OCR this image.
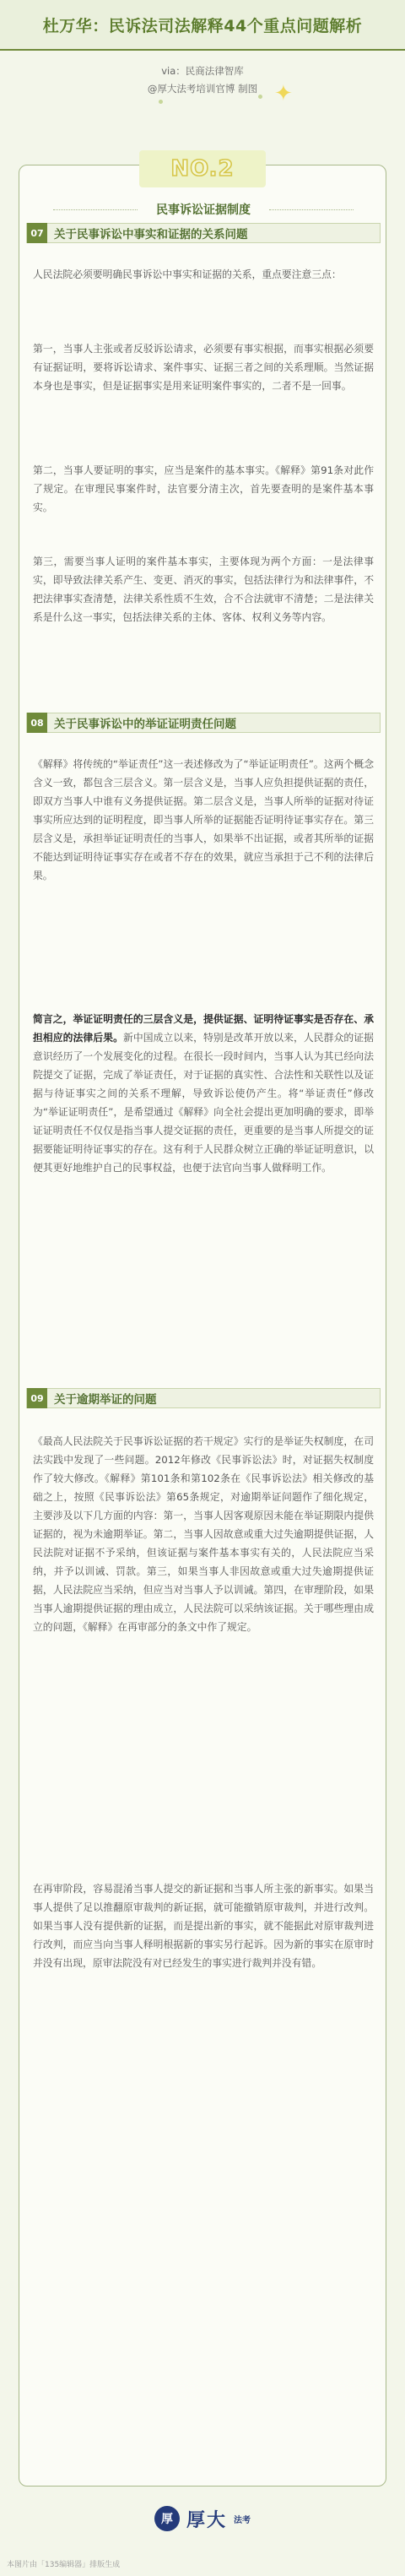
杜万华：民诉法司法解释44个重点问题解析
via：民商法律智库
@厚大法考培训官博 制图 ✦
NO.2
民事诉讼证据制度
07 关于民事诉讼中事实和证据的关系问题
人民法院必须要明确民事诉讼中事实和证据的关系，重点要注意三点：
第一，当事人主张或者反驳诉讼请求，必须要有事实根据，而事实根据必须要有证据证明，要将诉讼请求、案件事实、证据三者之间的关系理顺。当然证据本身也是事实，但是证据事实是用来证明案件事实的，二者不是一回事。
第二，当事人要证明的事实，应当是案件的基本事实。《解释》第91条对此作了规定。在审理民事案件时，法官要分清主次，首先要查明的是案件基本事实。
第三，需要当事人证明的案件基本事实，主要体现为两个方面：一是法律事实，即导致法律关系产生、变更、消灭的事实，包括法律行为和法律事件，不把法律事实查清楚，法律关系性质不生效，合不合法就审不清楚；二是法律关系是什么这一事实，包括法律关系的主体、客体、权利义务等内容。
08 关于民事诉讼中的举证证明责任问题
《解释》将传统的“举证责任”这一表述修改为了“举证证明责任”。这两个概念含义一致，都包含三层含义。第一层含义是，当事人应负担提供证据的责任，即双方当事人中谁有义务提供证据。第二层含义是，当事人所举的证据对待证事实所应达到的证明程度，即当事人所举的证据能否证明待证事实存在。第三层含义是，承担举证证明责任的当事人，如果举不出证据，或者其所举的证据不能达到证明待证事实存在或者不存在的效果，就应当承担于己不利的法律后果。
简言之，举证证明责任的三层含义是，提供证据、证明待证事实是否存在、承担相应的法律后果。新中国成立以来，特别是改革开放以来，人民群众的证据意识经历了一个发展变化的过程。在很长一段时间内，当事人认为其已经向法院提交了证据，完成了举证责任，对于证据的真实性、合法性和关联性以及证据与待证事实之间的关系不理解，导致诉讼使仍产生。将“举证责任”修改为“举证证明责任”，是希望通过《解释》向全社会提出更加明确的要求，即举证证明责任不仅仅是指当事人提交证据的责任，更重要的是当事人所提交的证据要能证明待证事实的存在。这有利于人民群众树立正确的举证证明意识，以便其更好地维护自己的民事权益，也便于法官向当事人做释明工作。
09 关于逾期举证的问题
《最高人民法院关于民事诉讼证据的若干规定》实行的是举证失权制度，在司法实践中发现了一些问题。2012年修改《民事诉讼法》时，对证据失权制度作了较大修改。《解释》第101条和第102条在《民事诉讼法》相关修改的基础之上，按照《民事诉讼法》第65条规定，对逾期举证问题作了细化规定，主要涉及以下几方面的内容：第一，当事人因客观原因未能在举证期限内提供证据的，视为未逾期举证。第二，当事人因故意或重大过失逾期提供证据，人民法院对证据不予采纳，但该证据与案件基本事实有关的，人民法院应当采纳，并予以训诫、罚款。第三，如果当事人非因故意或重大过失逾期提供证据，人民法院应当采纳，但应当对当事人予以训诫。第四，在审理阶段，如果当事人逾期提供证据的理由成立，人民法院可以采纳该证据。关于哪些理由成立的问题，《解释》在再审部分的条文中作了规定。
在再审阶段，容易混淆当事人提交的新证据和当事人所主张的新事实。如果当事人提供了足以推翻原审裁判的新证据，就可能撤销原审裁判，并进行改判。如果当事人没有提供新的证据，而是提出新的事实，就不能据此对原审裁判进行改判，而应当向当事人释明根据新的事实另行起诉。因为新的事实在原审时并没有出现，原审法院没有对已经发生的事实进行裁判并没有错。
厚 厚大 法考
本图片由「135编辑器」排版生成
